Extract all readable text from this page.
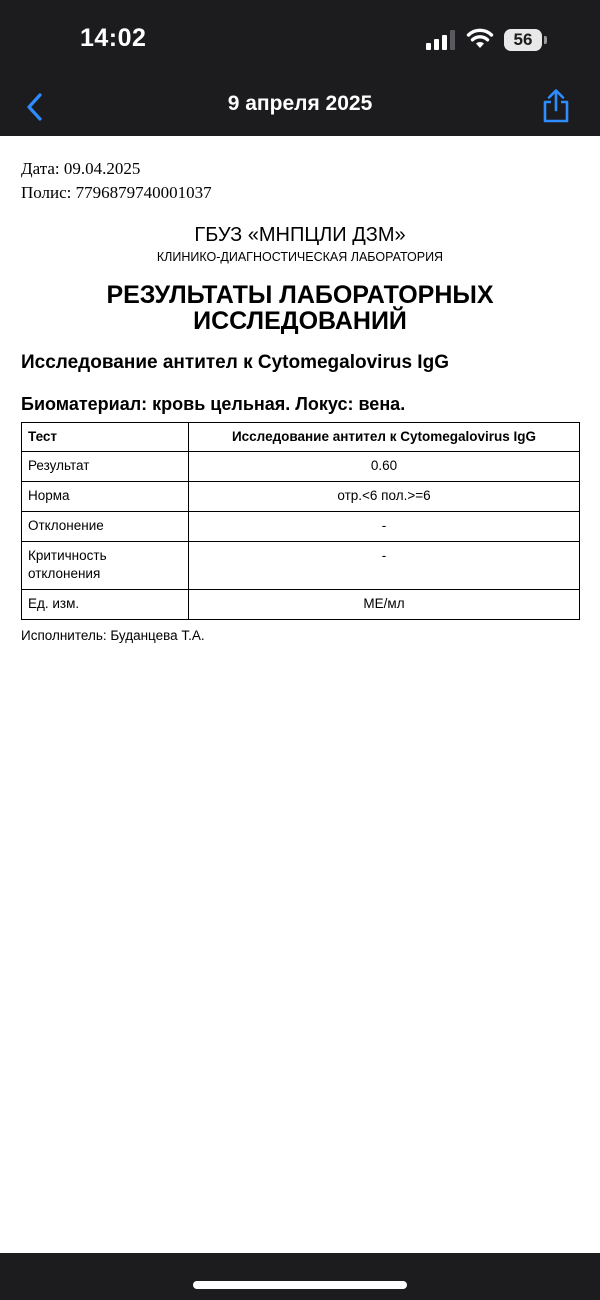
14:02	56
9 апреля 2025
Дата: 09.04.2025
Полис: 7796879740001037
ГБУЗ «МНПЦЛИ ДЗМ»
КЛИНИКО-ДИАГНОСТИЧЕСКАЯ ЛАБОРАТОРИЯ
РЕЗУЛЬТАТЫ ЛАБОРАТОРНЫХ
ИССЛЕДОВАНИЙ
Исследование антител к Cytomegalovirus IgG
Биоматериал: кровь цельная. Локус: вена.
Тест	Исследование антител к Cytomegalovirus IgG
Результат	0.60
Норма	отр.<6 пол.>=6
Отклонение	-

Критичность
отклонения	-
Ед. изм.	МЕ/мл
Исполнитель: Буданцева Т.А.
